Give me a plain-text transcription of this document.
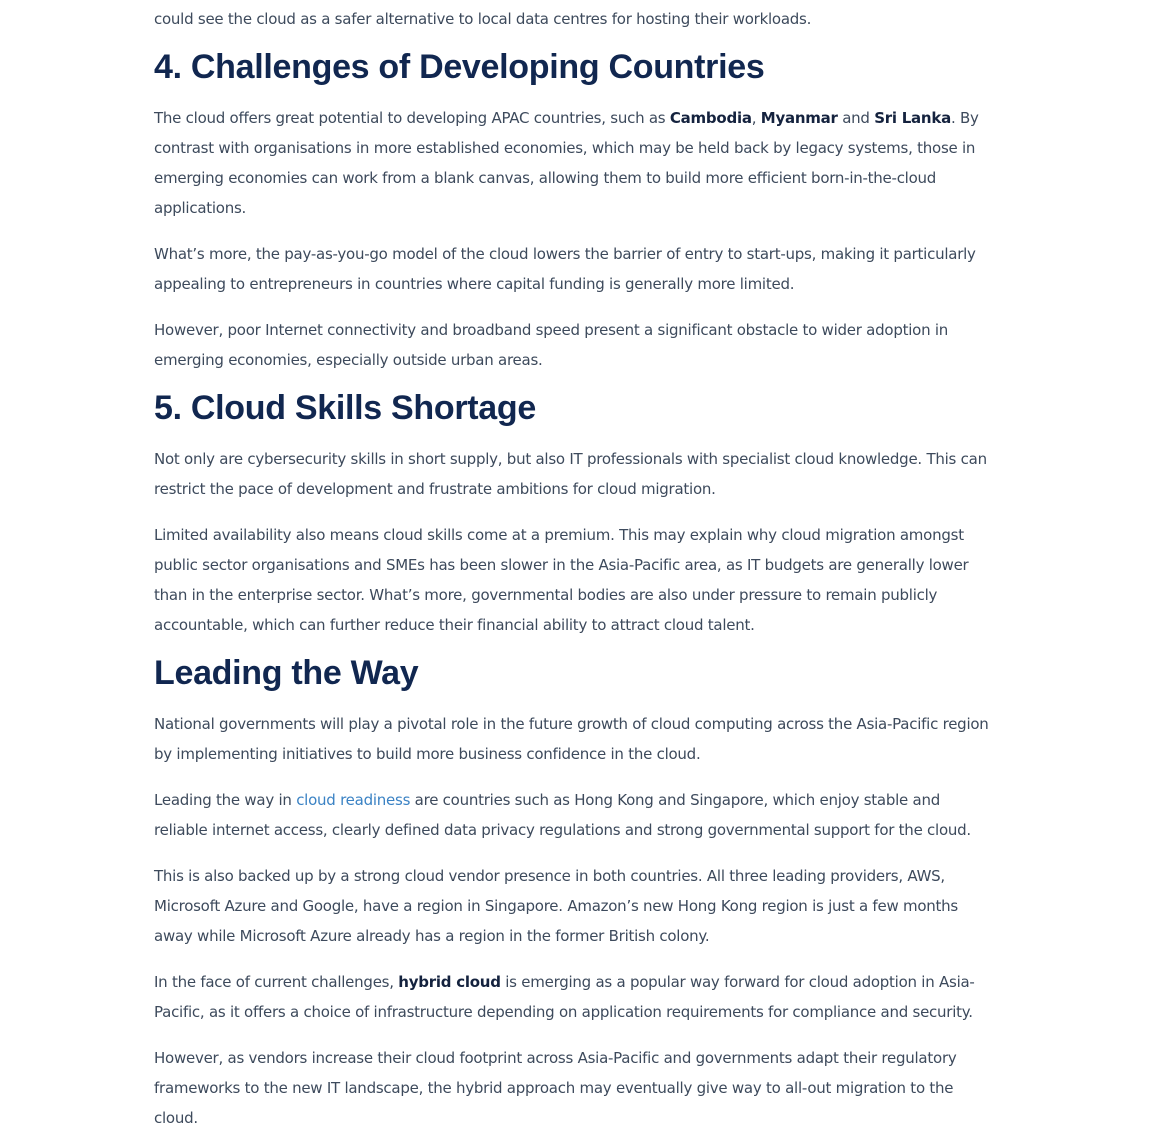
could see the cloud as a safer alternative to local data centres for hosting their workloads.

4. Challenges of Developing Countries

The cloud offers great potential to developing APAC countries, such as Cambodia, Myanmar and Sri Lanka. By contrast with organisations in more established economies, which may be held back by legacy systems, those in emerging economies can work from a blank canvas, allowing them to build more efficient born-in-the-cloud applications.

What’s more, the pay-as-you-go model of the cloud lowers the barrier of entry to start-ups, making it particularly appealing to entrepreneurs in countries where capital funding is generally more limited.

However, poor Internet connectivity and broadband speed present a significant obstacle to wider adoption in emerging economies, especially outside urban areas.

5. Cloud Skills Shortage

Not only are cybersecurity skills in short supply, but also IT professionals with specialist cloud knowledge. This can restrict the pace of development and frustrate ambitions for cloud migration.

Limited availability also means cloud skills come at a premium. This may explain why cloud migration amongst public sector organisations and SMEs has been slower in the Asia-Pacific area, as IT budgets are generally lower than in the enterprise sector. What’s more, governmental bodies are also under pressure to remain publicly accountable, which can further reduce their financial ability to attract cloud talent.

Leading the Way

National governments will play a pivotal role in the future growth of cloud computing across the Asia-Pacific region by implementing initiatives to build more business confidence in the cloud.

Leading the way in cloud readiness are countries such as Hong Kong and Singapore, which enjoy stable and reliable internet access, clearly defined data privacy regulations and strong governmental support for the cloud.

This is also backed up by a strong cloud vendor presence in both countries. All three leading providers, AWS, Microsoft Azure and Google, have a region in Singapore. Amazon’s new Hong Kong region is just a few months away while Microsoft Azure already has a region in the former British colony.

In the face of current challenges, hybrid cloud is emerging as a popular way forward for cloud adoption in Asia-Pacific, as it offers a choice of infrastructure depending on application requirements for compliance and security.

However, as vendors increase their cloud footprint across Asia-Pacific and governments adapt their regulatory frameworks to the new IT landscape, the hybrid approach may eventually give way to all-out migration to the cloud.
